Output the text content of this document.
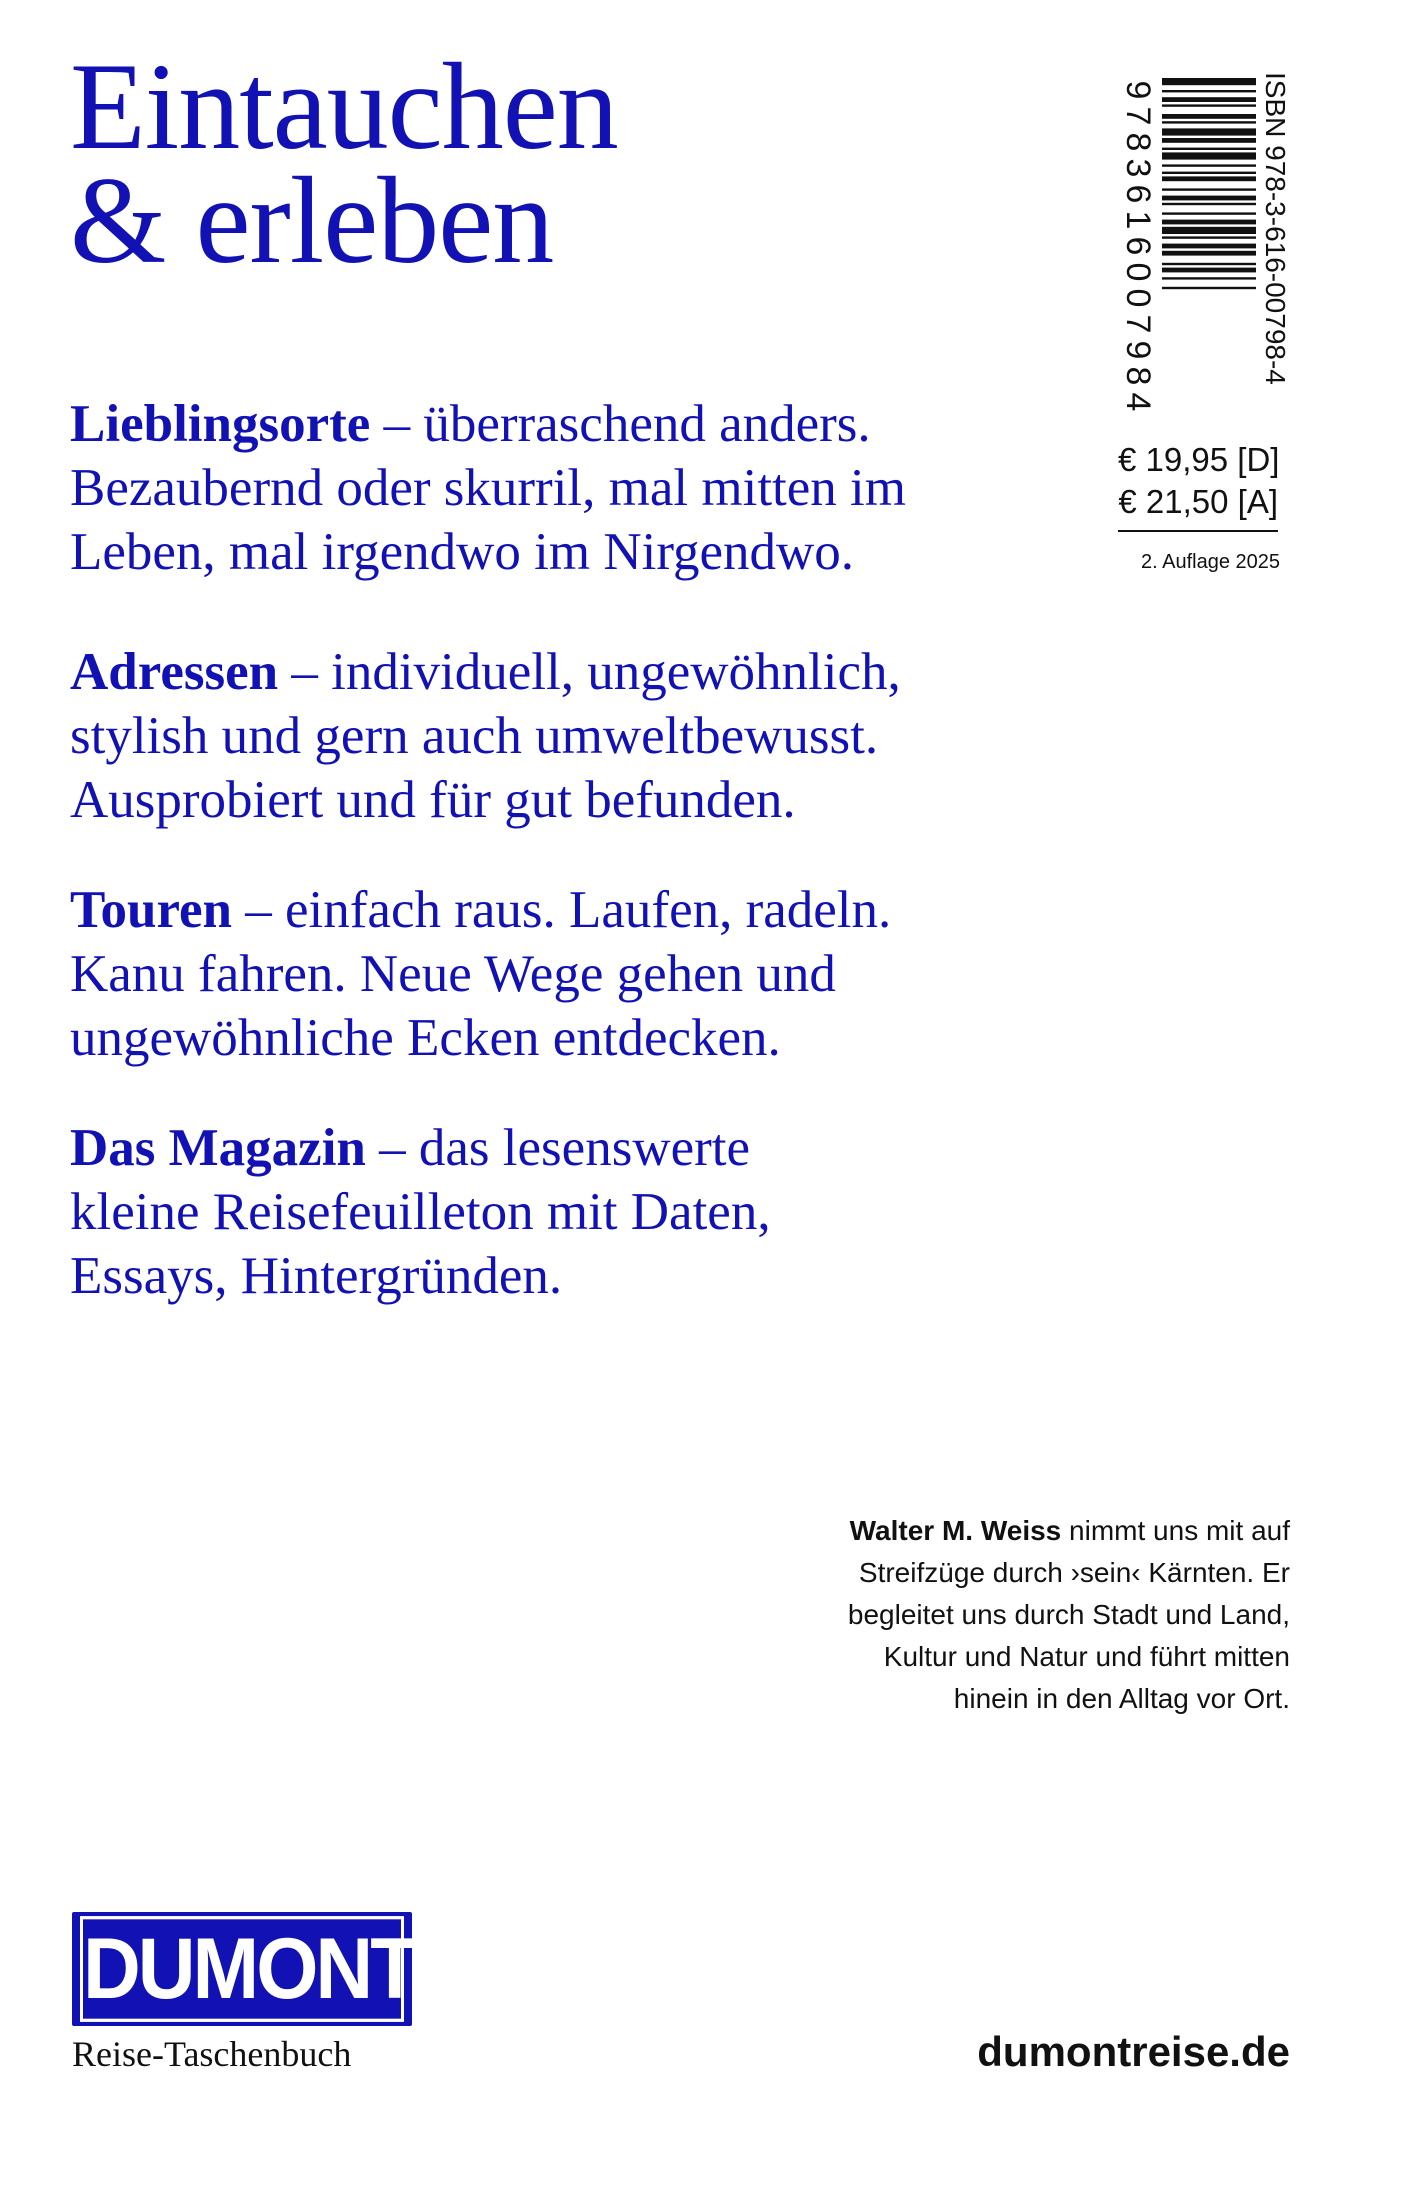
Eintauchen
& erleben
Lieblingsorte – überraschend anders.
Bezaubernd oder skurril, mal mitten im
Leben, mal irgendwo im Nirgendwo.
Adressen – individuell, ungewöhnlich,
stylish und gern auch umweltbewusst.
Ausprobiert und für gut befunden.
Touren – einfach raus. Laufen, radeln.
Kanu fahren. Neue Wege gehen und
ungewöhnliche Ecken entdecken.
Das Magazin – das lesenswerte
kleine Reisefeuilleton mit Daten,
Essays, Hintergründen.
9
7
8
3
6
1
6
0
0
7
9
8
4
ISBN 978-3-616-00798-4
€ 19,95 [D]
€ 21,50 [A]
2. Auflage 2025
Walter M. Weiss nimmt uns mit auf
Streifzüge durch ›sein‹ Kärnten. Er
begleitet uns durch Stadt und Land,
Kultur und Natur und führt mitten
hinein in den Alltag vor Ort.
DUMONT
Reise-Taschenbuch	dumontreise.de
